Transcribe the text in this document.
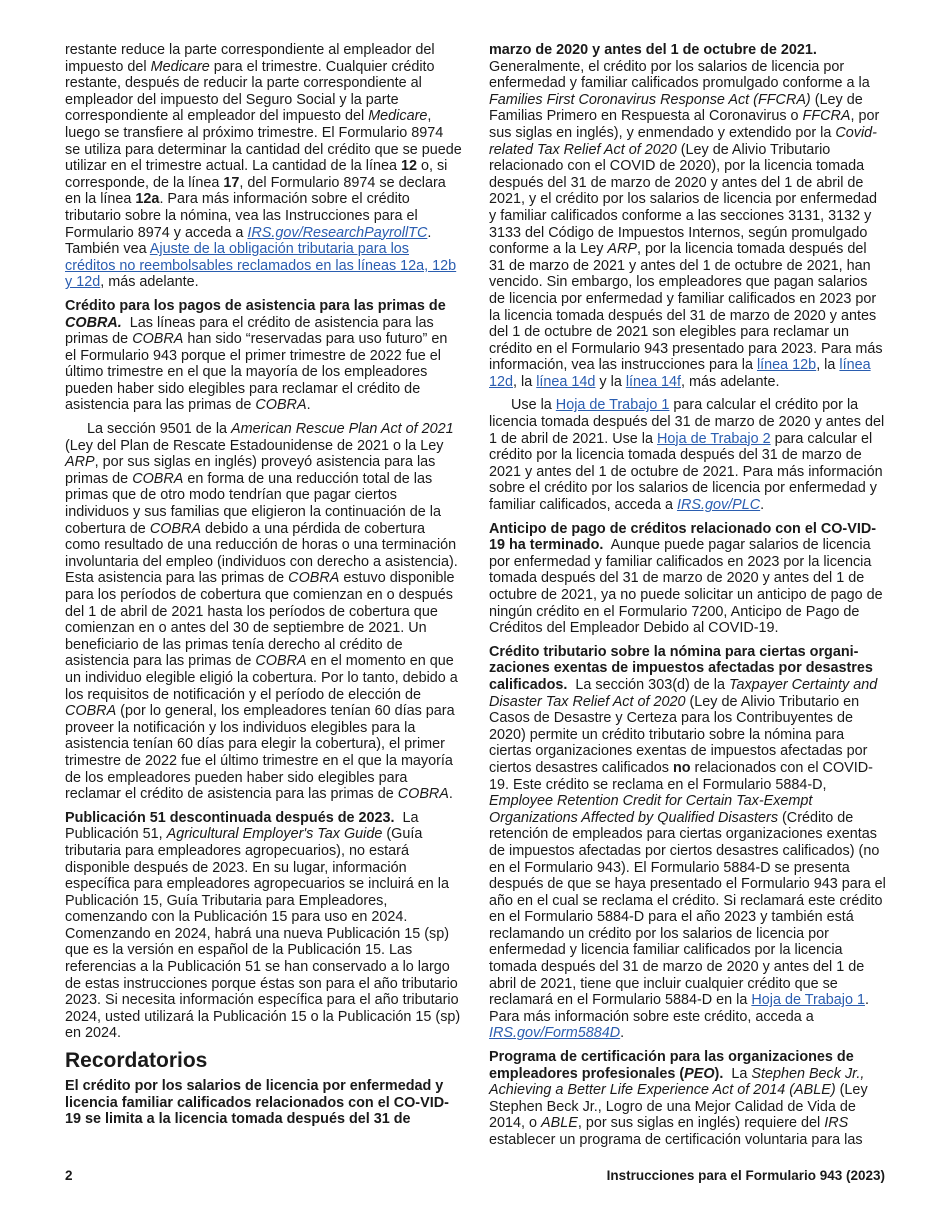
restante reduce la parte correspondiente al empleador del impuesto del Medicare para el trimestre. Cualquier crédito restante, después de reducir la parte correspondiente al empleador del impuesto del Seguro Social y la parte correspondiente al empleador del impuesto del Medicare, luego se transfiere al próximo trimestre. El Formulario 8974 se utiliza para determinar la cantidad del crédito que se puede utilizar en el trimestre actual. La cantidad de la línea 12 o, si corresponde, de la línea 17, del Formulario 8974 se declara en la línea 12a. Para más información sobre el crédito tributario sobre la nómina, vea las Instrucciones para el Formulario 8974 y acceda a IRS.gov/ResearchPayrollTC. También vea Ajuste de la obligación tributaria para los créditos no reembolsables reclamados en las líneas 12a, 12b y 12d, más adelante.

Crédito para los pagos de asistencia para las primas de COBRA. Las líneas para el crédito de asistencia para las primas de COBRA han sido “reservadas para uso futuro” en el Formulario 943 porque el primer trimestre de 2022 fue el último trimestre en el que la mayoría de los empleadores pueden haber sido elegibles para reclamar el crédito de asistencia para las primas de COBRA.

La sección 9501 de la American Rescue Plan Act of 2021 (Ley del Plan de Rescate Estadounidense de 2021 o la Ley ARP, por sus siglas en inglés) proveyó asistencia para las primas de COBRA en forma de una reducción total de las primas que de otro modo tendrían que pagar ciertos individuos y sus familias que eligieron la continuación de la cobertura de COBRA debido a una pérdida de cobertura como resultado de una reducción de horas o una terminación involuntaria del empleo (individuos con derecho a asistencia). Esta asistencia para las primas de COBRA estuvo disponible para los períodos de cobertura que comienzan en o después del 1 de abril de 2021 hasta los períodos de cobertura que comienzan en o antes del 30 de septiembre de 2021. Un beneficiario de las primas tenía derecho al crédito de asistencia para las primas de COBRA en el momento en que un individuo elegible eligió la cobertura. Por lo tanto, debido a los requisitos de notificación y el período de elección de COBRA (por lo general, los empleadores tenían 60 días para proveer la notificación y los individuos elegibles para la asistencia tenían 60 días para elegir la cobertura), el primer trimestre de 2022 fue el último trimestre en el que la mayoría de los empleadores pueden haber sido elegibles para reclamar el crédito de asistencia para las primas de COBRA.

Publicación 51 descontinuada después de 2023. La Publicación 51, Agricultural Employer's Tax Guide (Guía tributaria para empleadores agropecuarios), no estará disponible después de 2023. En su lugar, información específica para empleadores agropecuarios se incluirá en la Publicación 15, Guía Tributaria para Empleadores, comenzando con la Publicación 15 para uso en 2024. Comenzando en 2024, habrá una nueva Publicación 15 (sp) que es la versión en español de la Publicación 15. Las referencias a la Publicación 51 se han conservado a lo largo de estas instrucciones porque éstas son para el año tributario 2023. Si necesita información específica para el año tributario 2024, usted utilizará la Publicación 15 o la Publicación 15 (sp) en 2024.

Recordatorios

El crédito por los salarios de licencia por enfermedad y licencia familiar calificados relacionados con el CO-VID-19 se limita a la licencia tomada después del 31 de

marzo de 2020 y antes del 1 de octubre de 2021.
Generalmente, el crédito por los salarios de licencia por enfermedad y familiar calificados promulgado conforme a la Families First Coronavirus Response Act (FFCRA) (Ley de Familias Primero en Respuesta al Coronavirus o FFCRA, por sus siglas en inglés), y enmendado y extendido por la Covid-related Tax Relief Act of 2020 (Ley de Alivio Tributario relacionado con el COVID de 2020), por la licencia tomada después del 31 de marzo de 2020 y antes del 1 de abril de 2021, y el crédito por los salarios de licencia por enfermedad y familiar calificados conforme a las secciones 3131, 3132 y 3133 del Código de Impuestos Internos, según promulgado conforme a la Ley ARP, por la licencia tomada después del 31 de marzo de 2021 y antes del 1 de octubre de 2021, han vencido. Sin embargo, los empleadores que pagan salarios de licencia por enfermedad y familiar calificados en 2023 por la licencia tomada después del 31 de marzo de 2020 y antes del 1 de octubre de 2021 son elegibles para reclamar un crédito en el Formulario 943 presentado para 2023. Para más información, vea las instrucciones para la línea 12b, la línea 12d, la línea 14d y la línea 14f, más adelante.

Use la Hoja de Trabajo 1 para calcular el crédito por la licencia tomada después del 31 de marzo de 2020 y antes del 1 de abril de 2021. Use la Hoja de Trabajo 2 para calcular el crédito por la licencia tomada después del 31 de marzo de 2021 y antes del 1 de octubre de 2021. Para más información sobre el crédito por los salarios de licencia por enfermedad y familiar calificados, acceda a IRS.gov/PLC.

Anticipo de pago de créditos relacionado con el CO-VID-19 ha terminado. Aunque puede pagar salarios de licencia por enfermedad y familiar calificados en 2023 por la licencia tomada después del 31 de marzo de 2020 y antes del 1 de octubre de 2021, ya no puede solicitar un anticipo de pago de ningún crédito en el Formulario 7200, Anticipo de Pago de Créditos del Empleador Debido al COVID-19.

Crédito tributario sobre la nómina para ciertas organi-zaciones exentas de impuestos afectadas por desastres calificados. La sección 303(d) de la Taxpayer Certainty and Disaster Tax Relief Act of 2020 (Ley de Alivio Tributario en Casos de Desastre y Certeza para los Contribuyentes de 2020) permite un crédito tributario sobre la nómina para ciertas organizaciones exentas de impuestos afectadas por ciertos desastres calificados no relacionados con el COVID-19. Este crédito se reclama en el Formulario 5884-D, Employee Retention Credit for Certain Tax-Exempt Organizations Affected by Qualified Disasters (Crédito de retención de empleados para ciertas organizaciones exentas de impuestos afectadas por ciertos desastres calificados) (no en el Formulario 943). El Formulario 5884-D se presenta después de que se haya presentado el Formulario 943 para el año en el cual se reclama el crédito. Si reclamará este crédito en el Formulario 5884-D para el año 2023 y también está reclamando un crédito por los salarios de licencia por enfermedad y licencia familiar calificados por la licencia tomada después del 31 de marzo de 2020 y antes del 1 de abril de 2021, tiene que incluir cualquier crédito que se reclamará en el Formulario 5884-D en la Hoja de Trabajo 1. Para más información sobre este crédito, acceda a IRS.gov/Form5884D.

Programa de certificación para las organizaciones de empleadores profesionales (PEO). La Stephen Beck Jr., Achieving a Better Life Experience Act of 2014 (ABLE) (Ley Stephen Beck Jr., Logro de una Mejor Calidad de Vida de 2014, o ABLE, por sus siglas en inglés) requiere del IRS establecer un programa de certificación voluntaria para las

2	Instrucciones para el Formulario 943 (2023)
